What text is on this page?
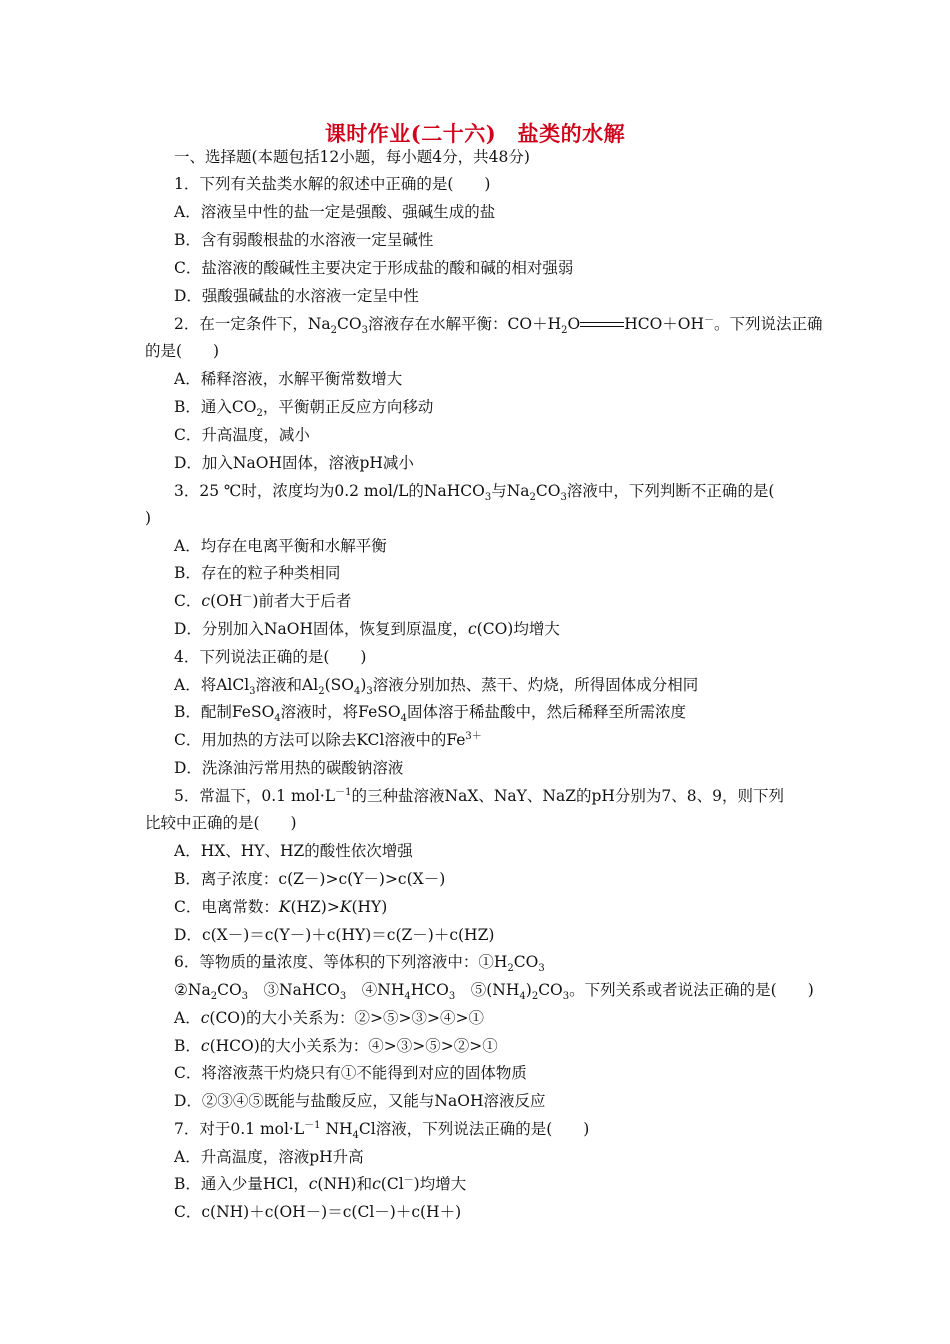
课时作业(二十六)　盐类的水解
一、选择题(本题包括12小题，每小题4分，共48分)
1．下列有关盐类水解的叙述中正确的是(　　)
A．溶液呈中性的盐一定是强酸、强碱生成的盐
B．含有弱酸根盐的水溶液一定呈碱性
C．盐溶液的酸碱性主要决定于形成盐的酸和碱的相对强弱
D．强酸强碱盐的水溶液一定呈中性
2．在一定条件下，$Na_2CO_3$溶液存在水解平衡：$CO+H_2O$	HCO＋OH－。下列说法正确
的是(　　)
A．稀释溶液，水解平衡常数增大
B．通入$CO_2$，平衡朝正反应方向移动
C．升高温度，减小
D．加入NaOH固体，溶液pH减小
3．25 ℃时，浓度均为0.2 mol/L的NaHCO$_3$与$Na_2CO_3$溶液中，下列判断不正确的是(
)
A．均存在电离平衡和水解平衡
B．存在的粒子种类相同
C．c(OH－)前者大于后者
D．分别加入NaOH固体，恢复到原温度，c(CO)均增大
4．下列说法正确的是(　　)
A．将AlCl$_3$溶液和$Al_2(SO_4)_3$溶液分别加热、蒸干、灼烧，所得固体成分相同
B．配制FeSO$_4$溶液时，将FeSO$_4$固体溶于稀盐酸中，然后稀释至所需浓度
C．用加热的方法可以除去KCl溶液中的$Fe^{3+}$
D．洗涤油污常用热的碳酸钠溶液
5．常温下，0.1 $mol\cdot L^{-1}$的三种盐溶液NaX、NaY、NaZ的pH分别为7、8、9，则下列
比较中正确的是(　　)
A．HX、HY、HZ的酸性依次增强
B．离子浓度：c(Z－)>c(Y－)>c(X－)
C．电离常数：K(HZ)>K(HY)
D．c(X－)＝c(Y－)＋c(HY)＝c(Z－)＋c(HZ)
6．等物质的量浓度、等体积的下列溶液中：$①H_2CO_3$
$②Na_2CO_3$　③NaHCO$_3$　$④NH_4HCO_3$　$⑤(NH_4)_2CO_3$。下列关系或者说法正确的是(　　)
A．c(CO)的大小关系为：②>⑤>③>④>①
B．c(HCO)的大小关系为：④>③>⑤>②>①
C．将溶液蒸干灼烧只有①不能得到对应的固体物质
D．②③④⑤既能与盐酸反应，又能与NaOH溶液反应
7．对于0.1 $mol\cdot L^{-1}$ $NH_4Cl$溶液，下列说法正确的是(　　)
A．升高温度，溶液pH升高
B．通入少量HCl，c(NH)和c(Cl－)均增大
C．c(NH)＋c(OH－)＝c(Cl－)＋c(H＋)
